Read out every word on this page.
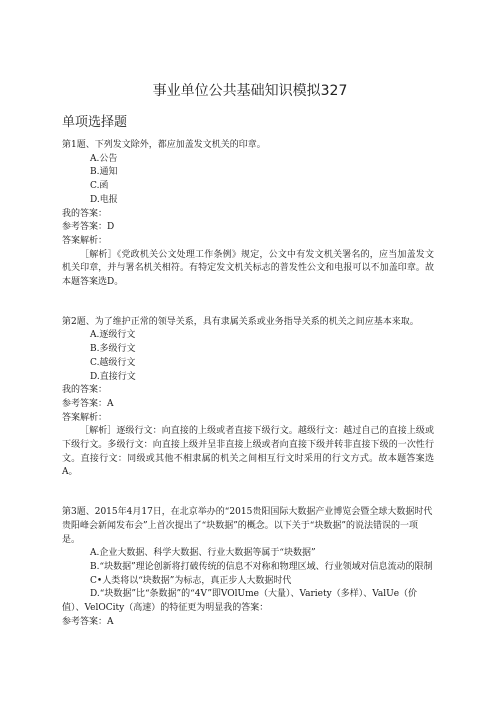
事业单位公共基础知识模拟327
单项选择题

第1题、下列发文除外，都应加盖发文机关的印章。

A.公告

B.通知

C.函

D.电报

我的答案：

参考答案：D

答案解析：

［解析］《党政机关公文处理工作条例》规定，公文中有发文机关署名的，应当加盖发文机关印章，并与署名机关相符。有特定发文机关标志的普发性公文和电报可以不加盖印章。故本题答案选D。

第2题、为了维护正常的领导关系，具有隶属关系或业务指导关系的机关之间应基本来取。

A.逐级行文

B.多级行文

C.越级行文

D.直接行文

我的答案：

参考答案：A

答案解析：

［解析］逐级行文：向直接的上级或者直接下级行文。越级行文：越过自己的直接上级或下级行文。多级行文：向直接上级并呈非直接上级或者向直接下级并转非直接下级的一次性行文。直接行文：同级或其他不相隶属的机关之间相互行文时采用的行文方式。故本题答案选A。

第3题、2015年4月17日，在北京举办的“2015贵阳国际大数据产业博览会暨全球大数据时代贵阳峰会新闻发布会”上首次提出了“块数据”的概念。以下关于“块数据”的说法错误的一项是。

A.企业大数据、科学大数据、行业大数据等属于“块数据”

B.“块数据”理论创新将打破传统的信息不对称和物理区域、行业领域对信息流动的限制

C•人类将以“块数据”为标志，真正步人大数据时代

D.“块数据”比“条数据”的“4V”即VOlUme（大量）、Variety（多样）、ValUe（价值）、VelOCity（高速）的特征更为明显我的答案：

参考答案：A
